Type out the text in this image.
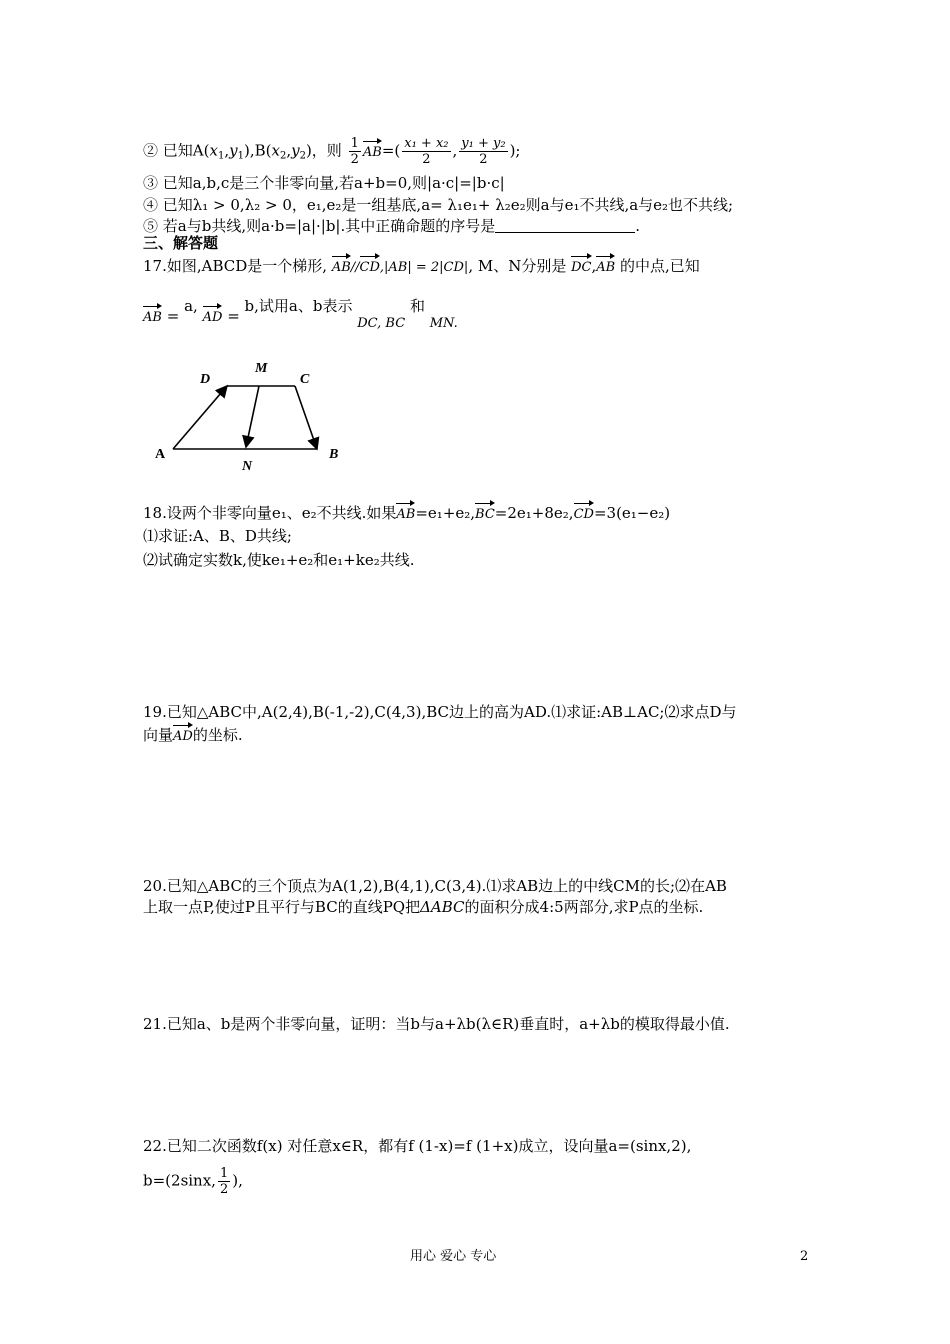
② 已知$A(x_1,y_1),B(x_2,y_2)$，则 $\frac{1}{2} AB=( \frac{\text{x₁ + x₂}}{2}$ , $\frac{\text{y₁ + y₂}}{2}$ );
③ 已知a,b,c是三个非零向量,若a+b=0,则|a·c|=|b·c|
④ 已知λ₁ > 0,λ₂ > 0，e₁,e₂是一组基底,a= λ₁e₁+ λ₂e₂则a与e₁不共线,a与e₂也不共线;
⑤ 若a与b共线,则a·b=|a|·|b|.其中正确命题的序号是	.
三、解答题
17.如图,ABCD是一个梯形, AB//CD,|AB| = 2|CD|, M、N分别是 DC,AB 的中点,已知
AB = a, AD = b,试用a、b表示 DC, BC 和 MN.
D
M
C
A
N
B
18.设两个非零向量e₁、e₂不共线.如果AB=e₁+e₂,BC=2e₁+8e₂,CD=3(e₁−e₂)
⑴求证:A、B、D共线;
⑵试确定实数k,使ke₁+e₂和e₁+ke₂共线.
19.已知△ABC中,A(2,4),B(-1,-2),C(4,3),BC边上的高为AD.⑴求证:AB⊥AC;⑵求点D与
向量AD的坐标.
20.已知△ABC的三个顶点为A(1,2),B(4,1),C(3,4).⑴求AB边上的中线CM的长;⑵在AB
上取一点P,使过P且平行与BC的直线PQ把ΔABC的面积分成4:5两部分,求P点的坐标.
21.已知a、b是两个非零向量，证明：当b与a+λb(λ∈R)垂直时，a+λb的模取得最小值.
22.已知二次函数f(x) 对任意x∈R，都有f (1-x)=f (1+x)成立，设向量a=(sinx,2),
b=(2sinx, $\frac{1}{2}$ ),
用心 爱心 专心	2
